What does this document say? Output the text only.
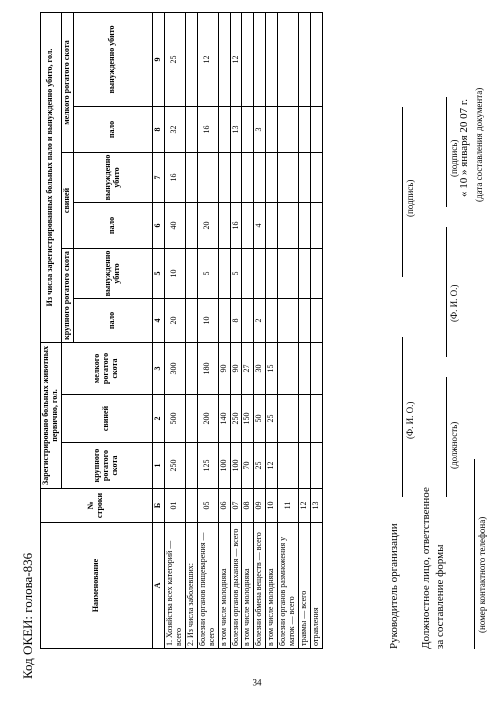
Код ОКЕИ: голова-836	Наименование	№ строки	Зарегистрировано больных животных первично, гол.			Из числа зарегистрированных больных пало и вынужденно убито, гол.					
		крупного рогатого скота	свиней	мелкого рогатого скота	крупного рогатого скота		свиней		мелкого рогатого скота	
					пало	вынужденно убито	пало	вынужденно убито	пало	вынужденно убито
А	Б	1	2	3	4	5	6	7	8	9
1. Хозяйства всех категорий — всего	01	250	500	300	20	10	40	16	32	25
2. Из числа заболевших:										
болезни органов пищеварения — всего	05	125	200	180	10	5	20		16	12
в том числе молодняка	06	100	140	90						
болезни органов дыхания — всего	07	100	250	90	8	5	16		13	12
в том числе молодняка	08	70	150	27						
болезни обмена веществ — всего	09	25	50	30	2		4		3	
в том числе молодняка	10	12	25	15						
болезни органов размножения у маток — всего	11									
травмы — всего	12									
отравления	13									
Руководитель организации
(Ф. И. О.)
(подпись)
Должностное лицо, ответственное за составление формы
(должность)
(Ф. И. О.)
(подпись)
(номер контактного телефона)
« 10 » января 20 07 г. (дата составления документа)
34
